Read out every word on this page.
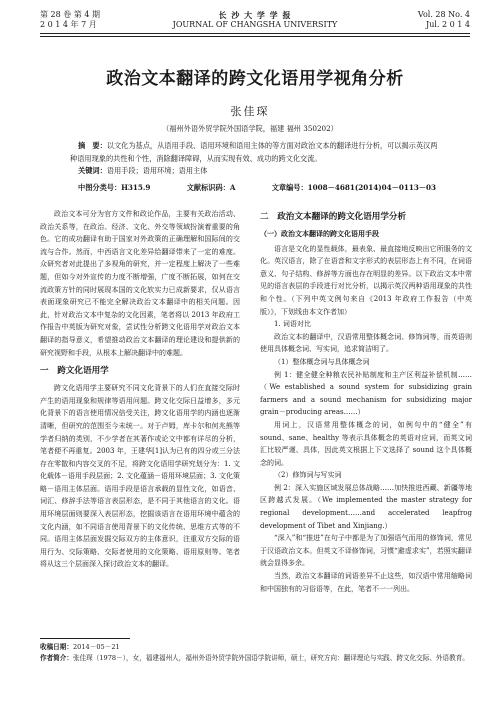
第 28 卷 第 4 期
2 0 1 4 年 7 月
长 沙 大 学 学 报
JOURNAL OF CHANGSHA UNIVERSITY
Vol. 28 No. 4
Jul. 2 0 1 4
政治文本翻译的跨文化语用学视角分析
张佳琛
（福州外语外贸学院外国语学院，福建 福州 350202）
摘　要：以文化为基点，从语用手段、语用环境和语用主体的等方面对政治文本的翻译进行分析，可以揭示英汉两种语用现象的共性和个性，消除翻译障碍，从而实现有效、成功的跨文化交流。
关键词：语用手段；语用环境；语用主体
中图分类号：H315.9	文献标识码：A	文章编号：1008－4681(2014)04－0113－03

政治文本可分为官方文件和政论作品，主要有关政治活动、政治关系等，在政治、经济、文化、外交等领域扮演着重要的角色。它的成功翻译有助于国家对外政策的正确理解和国际间的交流与合作。然而，中西语言文化差异给翻译带来了一定的难度。众研究者对此提出了多视角的研究，并一定程度上解决了一些难题，但如今对外宣传的力度不断增强，广度不断拓展，如何在交流政策方针的同时展现本国的文化软实力已成新要求，仅从语言表面现象研究已不能完全解决政治文本翻译中的相关问题。因此，针对政治文本中复杂的文化因素，笔者将以 2013 年政府工作报告中英版为研究对象，尝试性分析跨文化语用学对政治文本翻译的指导意义，希望推动政治文本翻译的理论建设和提供新的研究视野和手段，从根本上解决翻译中的难题。

一　跨文化语用学

跨文化语用学主要研究不同文化背景下的人们在直接交际时产生的语用现象和规律等语用问题。跨文化交际日益增多，多元化背景下的语言使用情况倍受关注，跨文化语用学的内涵也逐渐清晰，但研究的范围至今未统一。对于卢姆，库卡尔和何兆熊等学者归纳的类别，不少学者在其著作或论文中都有详尽的分析，笔者便不再重复。2003 年，王建华[1]认为已有的四分或三分法存在零散和内容交叉的不足，将跨文化语用学研究划分为：1. 文化载体－语用手段层面；2. 文化蕴涵－语用环境层面；3. 文化策略－语用主体层面。语用手段是语言承载的显性文化，如语音、词汇、修辞手法等语言表层形态，是不同于其他语言的文化。语用环境层面则要深入表层形态，挖掘该语言在语用环境中蕴含的文化内涵，如不同语言使用背景下的文化传统、思维方式等的不同。语用主体层面发掘交际双方的主体意识，注重双方交际的语用行为、交际策略、交际者使用的文化策略、语用原则等。笔者将从这三个层面深入探讨政治文本的翻译。

二　政治文本翻译的跨文化语用学分析

（一）政治文本翻译的跨文化语用手段

语言是文化的显性载体，最表象、最直接地反映出它所服务的文化。英汉语言，除了在语音和文字形式的表层形态上有不同，在词语意义、句子结构、修辞等方面也存在明显的差异。以下政治文本中常见的语言表层的手段进行对比分析，以揭示英汉两种语用现象的共性和个性。（下列中英文例句来自《2013 年政府工作报告（中英版）》，下划线由本文作者加）

1. 词语对比

政治文本的翻译中，汉语常用整体概念词、修饰词等，而英语则使用具体概念词、写实词，追求简洁明了。

（1）整体概念词与具体概念词

例 1：健全健全种粮农民补贴制度和主产区利益补偿机制……（We established a sound system for subsidizing grain farmers and a sound mechanism for subsidizing major grain－producing areas……）

用词上，汉语常用整体概念的词，如例句中的“健全”有 sound、sane、healthy 等表示具体概念的英语对应词，而英文词汇比较严谨、具体，因此英文根据上下文选择了 sound 这个具体概念的词。

（2）修饰词与写实词

例 2：深入实施区域发展总体战略……加快推进西藏、新疆等地区跨越式发展。（We implemented the master strategy for regional development……and accelerated leapfrog development of Tibet and Xinjiang.）

“深入”和“推进”在句子中都是为了加强语气而用的修饰词，常见于汉语政治文本。但英文不译修饰词，习惯“避虚求实”，若照实翻译就会显得多余。

当然，政治文本翻译的词语差异不止这些，如汉语中常用缩略词和中国独有的习俗语等，在此，笔者不一一列出。

收稿日期：2014－05－21
作者简介：张佳琛（1978－），女，福建福州人，福州外语外贸学院外国语学院讲师，硕士，研究方向：翻译理论与实践、跨文化交际、外语教育。
